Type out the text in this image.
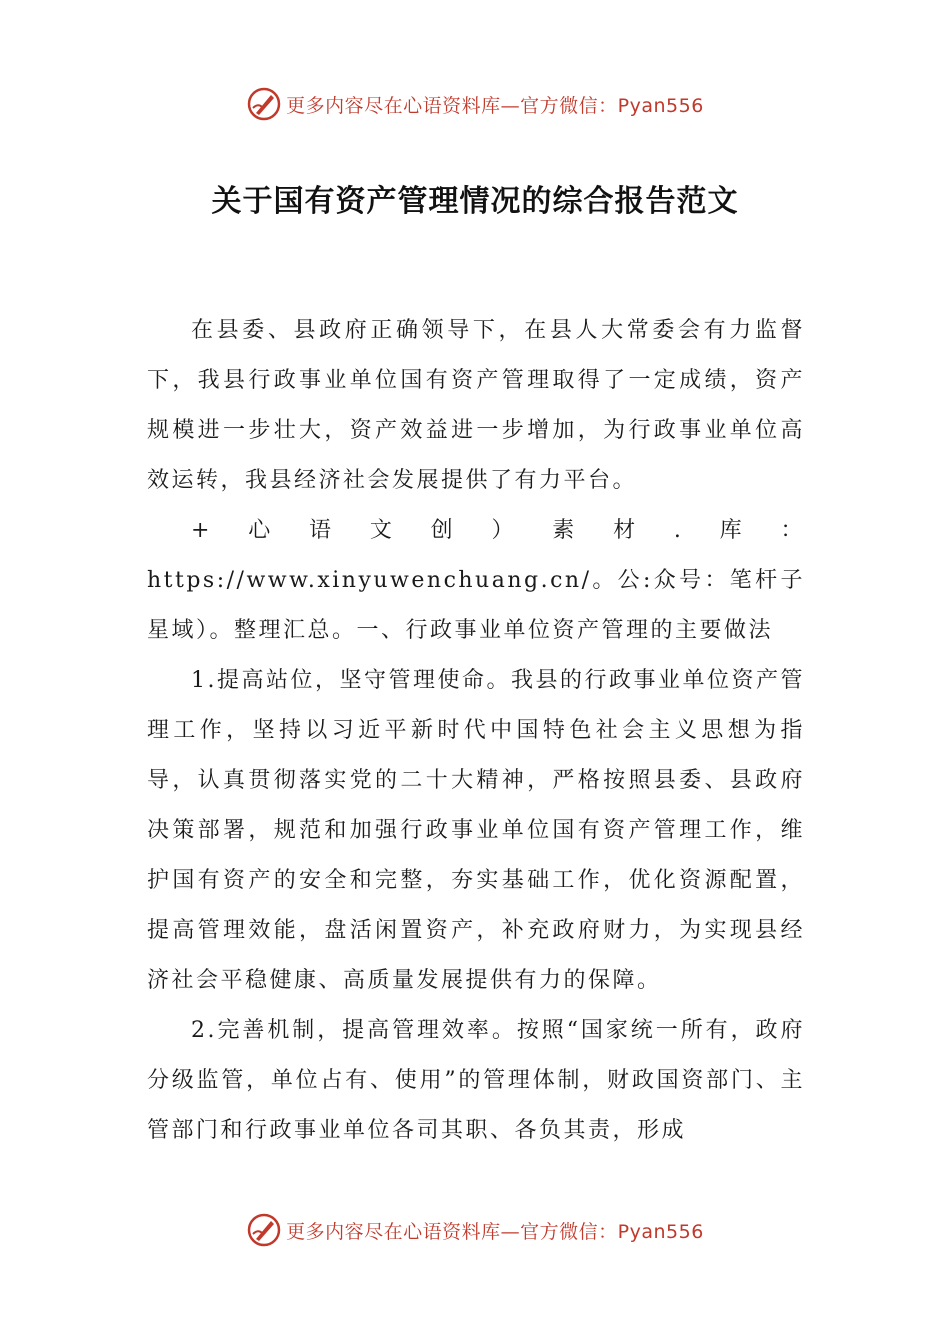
更多内容尽在心语资料库—官方微信：Pyan556
关于国有资产管理情况的综合报告范文

在县委、县政府正确领导下，在县人大常委会有力监督下，我县行政事业单位国有资产管理取得了一定成绩，资产规模进一步壮大，资产效益进一步增加，为行政事业单位高效运转，我县经济社会发展提供了有力平台。

+心语文创）素材.库：https://www.xinyuwenchuang.cn/。公:众号：笔杆子星域）。整理汇总。一、行政事业单位资产管理的主要做法

1.提高站位，坚守管理使命。我县的行政事业单位资产管理工作，坚持以习近平新时代中国特色社会主义思想为指导，认真贯彻落实党的二十大精神，严格按照县委、县政府决策部署，规范和加强行政事业单位国有资产管理工作，维护国有资产的安全和完整，夯实基础工作，优化资源配置，提高管理效能，盘活闲置资产，补充政府财力，为实现县经济社会平稳健康、高质量发展提供有力的保障。

2.完善机制，提高管理效率。按照“国家统一所有，政府分级监管，单位占有、使用”的管理体制，财政国资部门、主管部门和行政事业单位各司其职、各负其责，形成

更多内容尽在心语资料库—官方微信：Pyan556
